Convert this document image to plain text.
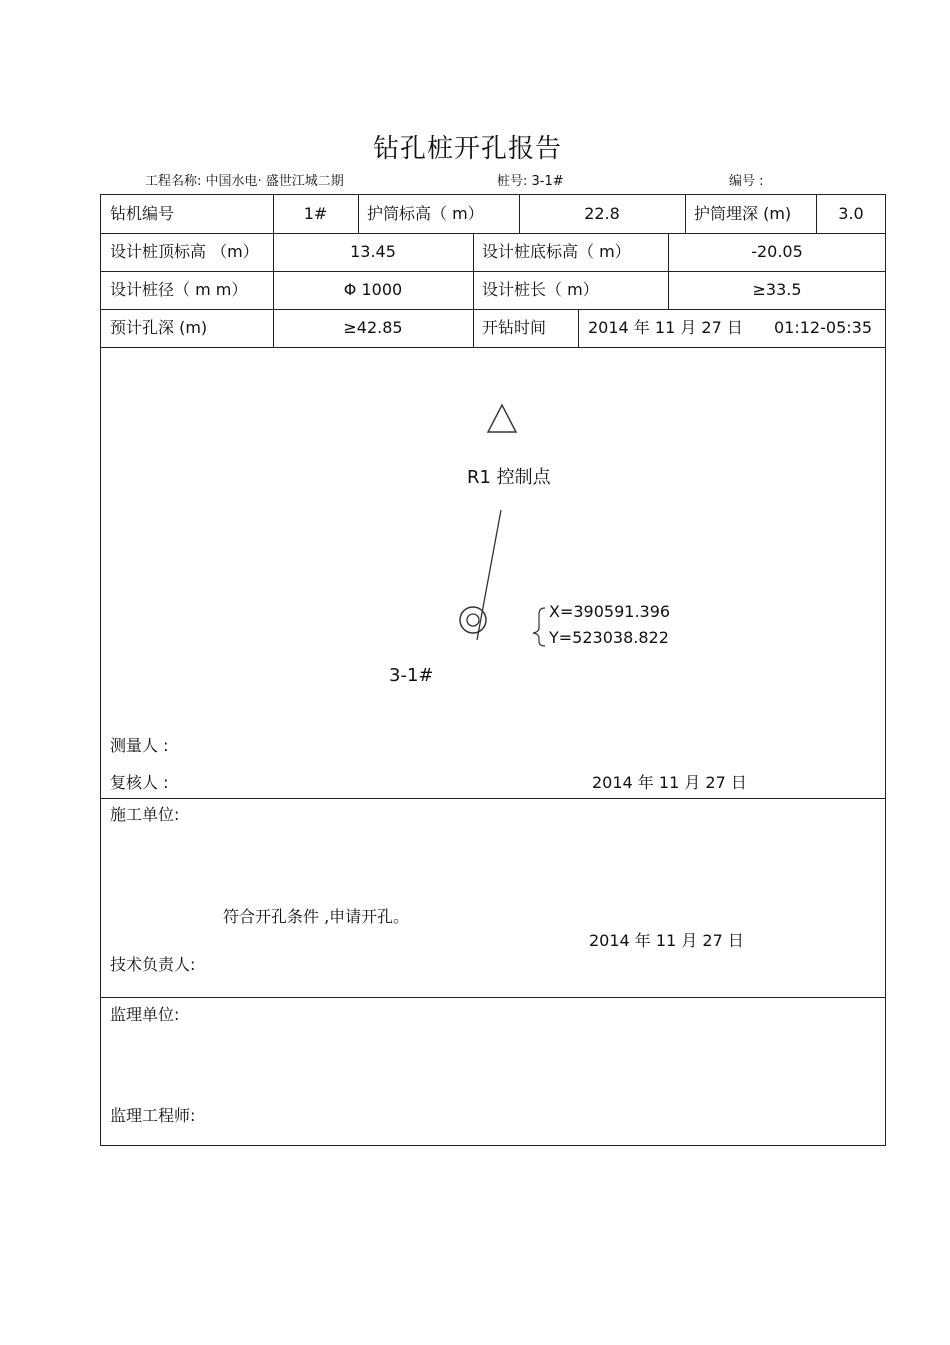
钻孔桩开孔报告
工程名称: 中国水电· 盛世江城二期	桩号: 3-1#	编号 :
钻机编号	1#	护筒标高（ m）	22.8	护筒埋深 (m)	3.0
设计桩顶标高 （m）	13.45	设计桩底标高（ m）	-20.05
设计桩径（ m m）	Φ 1000	设计桩长（ m）	≥33.5
预计孔深 (m)	≥42.85	开钻时间	2014 年 11 月 27 日	01:12-05:35
测量人 :
复核人 :	2014 年 11 月 27 日
施工单位:
符合开孔条件 ,申请开孔。
2014 年 11 月 27 日
技术负责人:
监理单位:
监理工程师:
R1 控制点
3-1#
X=390591.396
Y=523038.822
